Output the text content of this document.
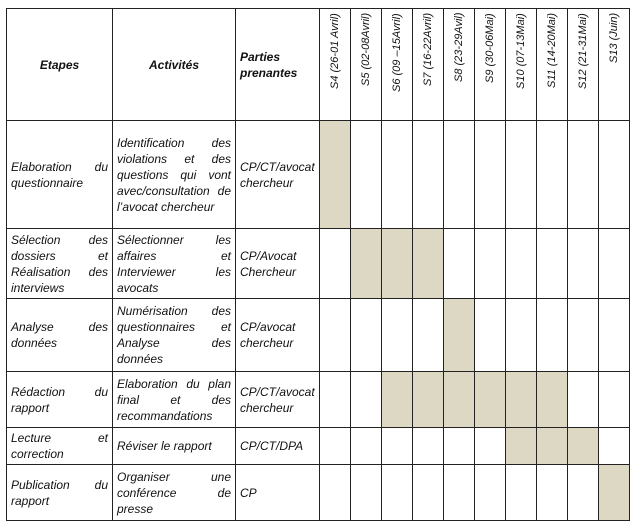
Etapes	Activités	Parties prenantes	S4 (26-01 Avril)	S5 (02-08Avril)	S6 (09 –15Avril)	S7 (16-22Avril)	S8 (23-29Avil)	S9 (30-06Mai)	S10 (07-13Mai)	S11 (14-20Mai)	S12 (21-31Mai)	S13 (Juin)

Elaboration du questionnaire	Identification des violations et des questions qui vont avec/consultation de l’avocat chercheur	CP/CT/avocat chercheur										
Sélection des dossiers et Réalisation des interviews	Sélectionner les affaires et Interviewer les avocats	CP/Avocat Chercheur										
Analyse des données	Numérisation des questionnaires et Analyse des données	CP/avocat chercheur										
Rédaction du rapport	Elaboration du plan final et des recommandations	CP/CT/avocat chercheur										
Lecture et correction	Réviser le rapport	CP/CT/DPA										
Publication du rapport	Organiser une conférence de presse	CP										
